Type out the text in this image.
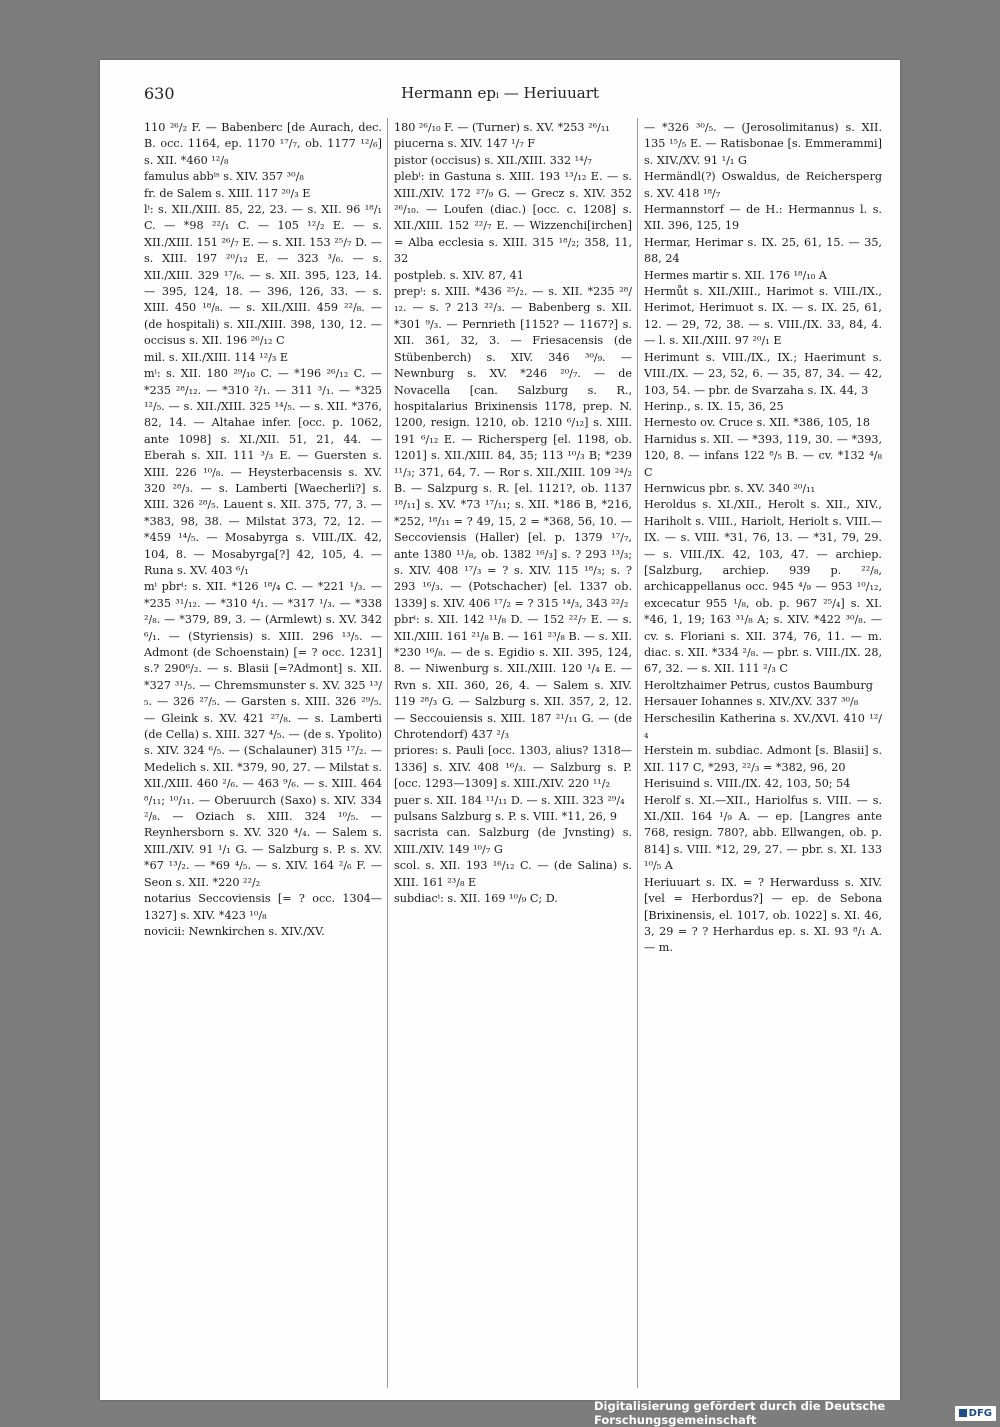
630	Hermann epᵢ — Heriuuart

110 ²⁶/₂ F. — Babenberc [de Aurach, dec. B. occ. 1164, ep. 1170 ¹⁷/₇, ob. 1177 ¹²/₆] s. XII. *460 ¹²/₈

famulus abbⁱˢ s. XIV. 357 ³⁰/₈

fr. de Salem s. XIII. 117 ²⁰/₃ E

lⁱ: s. XII./XIII. 85, 22, 23. — s. XII. 96 ¹⁸/₁ C. — *98 ²²/₁ C. — 105 ¹²/₂ E. — s. XII./XIII. 151 ²⁶/₇ E. — s. XII. 153 ²⁵/₇ D. — s. XIII. 197 ²⁰/₁₂ E. — 323 ³/₆. — s. XII./XIII. 329 ¹⁷/₆. — s. XII. 395, 123, 14. — 395, 124, 18. — 396, 126, 33. — s. XIII. 450 ¹⁸/₈. — s. XII./XIII. 459 ²²/₈. — (de hospitali) s. XII./XIII. 398, 130, 12. — occisus s. XII. 196 ²⁶/₁₂ C

mil. s. XII./XIII. 114 ¹²/₃ E

mⁱ: s. XII. 180 ²⁹/₁₀ C. — *196 ²⁶/₁₂ C. — *235 ²⁸/₁₂. — *310 ²/₁. — 311 ³/₁. — *325 ¹²/₅. — s. XII./XIII. 325 ¹⁴/₅. — s. XII. *376, 82, 14. — Altahae infer. [occ. p. 1062, ante 1098] s. XI./XII. 51, 21, 44. — Eberah s. XII. 111 ³/₃ E. — Guersten s. XIII. 226 ¹⁰/₈. — Heysterbacensis s. XV. 320 ²⁸/₃. — s. Lamberti [Waecherli?] s. XIII. 326 ²⁸/₅. Lauent s. XII. 375, 77, 3. — *383, 98, 38. — Milstat 373, 72, 12. — *459 ¹⁴/₅. — Mosabyrga s. VIII./IX. 42, 104, 8. — Mosabyrga[?] 42, 105, 4. — Runa s. XV. 403 ⁶/₁

mⁱ pbrⁱ: s. XII. *126 ¹⁸/₄ C. — *221 ¹/₃. — *235 ³¹/₁₂. — *310 ⁴/₁. — *317 ¹/₃. — *338 ²/₈. — *379, 89, 3. — (Armlewt) s. XV. 342 ⁶/₁. — (Styriensis) s. XIII. 296 ¹³/₅. — Admont (de Schoenstain) [= ? occ. 1231] s.? 290⁶/₂. — s. Blasii [=?Admont] s. XII. *327 ³¹/₅. — Chremsmunster s. XV. 325 ¹³/₅. — 326 ²⁷/₅. — Garsten s. XIII. 326 ²⁹/₅. — Gleink s. XV. 421 ²⁷/₈. — s. Lamberti (de Cella) s. XIII. 327 ⁴/₅. — (de s. Ypolito) s. XIV. 324 ⁶/₅. — (Schalauner) 315 ¹⁷/₂. — Medelich s. XII. *379, 90, 27. — Milstat s. XII./XIII. 460 ²/₆. — 463 ⁹/₆. — s. XIII. 464 ⁸/₁₁; ¹⁰/₁₁. — Oberuurch (Saxo) s. XIV. 334 ²/₈. — Oziach s. XIII. 324 ¹⁰/₅. — Reynhersborn s. XV. 320 ⁴/₄. — Salem s. XIII./XIV. 91 ¹/₁ G. — Salzburg s. P. s. XV. *67 ¹³/₂. — *69 ⁴/₅. — s. XIV. 164 ²/₆ F. — Seon s. XII. *220 ²²/₂

notarius Seccoviensis [= ? occ. 1304—1327] s. XIV. *423 ¹⁰/₈

novicii: Newnkirchen s. XIV./XV.

180 ²⁶/₁₀ F. — (Turner) s. XV. *253 ²⁶/₁₁

piucerna s. XIV. 147 ¹/₇ F

pistor (occisus) s. XII./XIII. 332 ¹⁴/₇

plebⁱ: in Gastuna s. XIII. 193 ¹³/₁₂ E. — s. XIII./XIV. 172 ²⁷/₉ G. — Grecz s. XIV. 352 ²⁶/₁₀. — Loufen (diac.) [occ. c. 1208] s. XII./XIII. 152 ²²/₇ E. — Wizzenchi[irchen] = Alba ecclesia s. XIII. 315 ¹⁸/₂; 358, 11, 32

postpleb. s. XIV. 87, 41

prepⁱ: s. XIII. *436 ²⁵/₂. — s. XII. *235 ²⁸/₁₂. — s. ? 213 ²²/₃. — Babenberg s. XII. *301 ⁹/₃. — Pernrieth [1152? — 1167?] s. XII. 361, 32, 3. — Friesacensis (de Stübenberch) s. XIV. 346 ³⁰/₉. — Newnburg s. XV. *246 ²⁰/₇. — de Novacella [can. Salzburg s. R., hospitalarius Brixinensis 1178, prep. N. 1200, resign. 1210, ob. 1210 ⁶/₁₂] s. XIII. 191 ⁶/₁₂ E. — Richersperg [el. 1198, ob. 1201] s. XII./XIII. 84, 35; 113 ¹⁰/₃ B; *239 ¹¹/₃; 371, 64, 7. — Ror s. XII./XIII. 109 ²⁴/₂ B. — Salzpurg s. R. [el. 1121?, ob. 1137 ¹⁸/₁₁] s. XV. *73 ¹⁷/₁₁; s. XII. *186 B, *216, *252, ¹⁸/₁₁ = ? 49, 15, 2 = *368, 56, 10. — Seccoviensis (Haller) [el. p. 1379 ¹⁷/₇, ante 1380 ¹¹/₈, ob. 1382 ¹⁶/₃] s. ? 293 ¹³/₃; s. XIV. 408 ¹⁷/₃ = ? s. XIV. 115 ¹⁸/₃; s. ? 293 ¹⁶/₃. — (Potschacher) [el. 1337 ob. 1339] s. XIV. 406 ¹⁷/₂ = ? 315 ¹⁴/₃, 343 ²²/₂

pbrⁱ: s. XII. 142 ¹¹/₈ D. — 152 ²²/₇ E. — s. XII./XIII. 161 ²¹/₈ B. — 161 ²³/₈ B. — s. XII. *230 ¹⁶/₈. — de s. Egidio s. XII. 395, 124, 8. — Niwenburg s. XII./XIII. 120 ¹/₄ E. — Rvn s. XII. 360, 26, 4. — Salem s. XIV. 119 ²⁸/₃ G. — Salzburg s. XII. 357, 2, 12. — Seccouiensis s. XIII. 187 ²¹/₁₁ G. — (de Chrotendorf) 437 ²/₃

priores: s. Pauli [occ. 1303, alius? 1318—1336] s. XIV. 408 ¹⁶/₃. — Salzburg s. P. [occ. 1293—1309] s. XIII./XIV. 220 ¹¹/₂

puer s. XII. 184 ¹¹/₁₁ D. — s. XIII. 323 ²⁹/₄

pulsans Salzburg s. P. s. VIII. *11, 26, 9

sacrista can. Salzburg (de Jvnsting) s. XIII./XIV. 149 ¹⁰/₇ G

scol. s. XII. 193 ¹⁶/₁₂ C. — (de Salina) s. XIII. 161 ²³/₈ E

subdiacⁱ: s. XII. 169 ¹⁰/₉ C; D.

— *326 ³⁰/₅. — (Jerosolimitanus) s. XII. 135 ¹⁵/₅ E. — Ratisbonae [s. Emmerammi] s. XIV./XV. 91 ¹/₁ G

Hermändl(?) Oswaldus, de Reichersperg s. XV. 418 ¹⁸/₇

Hermannstorf — de H.: Hermannus l. s. XII. 396, 125, 19

Hermar, Herimar s. IX. 25, 61, 15. — 35, 88, 24

Hermes martir s. XII. 176 ¹⁸/₁₀ A

Hermůt s. XII./XIII., Harimot s. VIII./IX., Herimot, Herimuot s. IX. — s. IX. 25, 61, 12. — 29, 72, 38. — s. VIII./IX. 33, 84, 4. — l. s. XII./XIII. 97 ²⁰/₁ E

Herimunt s. VIII./IX., IX.; Haerimunt s. VIII./IX. — 23, 52, 6. — 35, 87, 34. — 42, 103, 54. — pbr. de Svarzaha s. IX. 44, 3

Herinp., s. IX. 15, 36, 25

Hernesto ov. Cruce s. XII. *386, 105, 18

Harnidus s. XII. — *393, 119, 30. — *393, 120, 8. — infans 122 ⁸/₅ B. — cv. *132 ⁴/₈ C

Hernwicus pbr. s. XV. 340 ²⁰/₁₁

Heroldus s. XI./XII., Herolt s. XII., XIV., Hariholt s. VIII., Hariolt, Heriolt s. VIII.—IX. — s. VIII. *31, 76, 13. — *31, 79, 29. — s. VIII./IX. 42, 103, 47. — archiep. [Salzburg, archiep. 939 p. ²²/₈, archicappellanus occ. 945 ⁴/₉ — 953 ¹⁰/₁₂, excecatur 955 ¹/₈, ob. p. 967 ²⁵/₄] s. XI. *46, 1, 19; 163 ³¹/₈ A; s. XIV. *422 ³⁰/₈. — cv. s. Floriani s. XII. 374, 76, 11. — m. diac. s. XII. *334 ²/₈. — pbr. s. VIII./IX. 28, 67, 32. — s. XII. 111 ²/₃ C

Heroltzhaimer Petrus, custos Baumburg

Hersauer Iohannes s. XIV./XV. 337 ³⁰/₈

Herschesilin Katherina s. XV./XVI. 410 ¹²/₄

Herstein m. subdiac. Admont [s. Blasii] s. XII. 117 C, *293, ²²/₃ = *382, 96, 20

Herisuind s. VIII./IX. 42, 103, 50; 54

Herolf s. XI.—XII., Hariolfus s. VIII. — s. XI./XII. 164 ¹/₉ A. — ep. [Langres ante 768, resign. 780?, abb. Ellwangen, ob. p. 814] s. VIII. *12, 29, 27. — pbr. s. XI. 133 ¹⁰/₅ A

Heriuuart s. IX. = ? Herwarduss s. XIV. [vel = Herbordus?] — ep. de Sebona [Brixinensis, el. 1017, ob. 1022] s. XI. 46, 3, 29 = ? ? Herhardus ep. s. XI. 93 ⁸/₁ A. — m.

Digitalisierung gefördert durch die Deutsche Forschungsgemeinschaft	DFG
